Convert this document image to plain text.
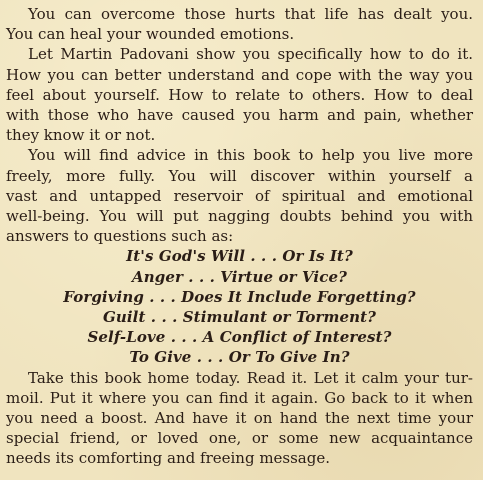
You can overcome those hurts that life has dealt you.
You can heal your wounded emotions.
Let Martin Padovani show you specifically how to do it.
How you can better understand and cope with the way you
feel about yourself. How to relate to others. How to deal
with those who have caused you harm and pain, whether
they know it or not.
You will find advice in this book to help you live more
freely, more fully. You will discover within yourself a
vast and untapped reservoir of spiritual and emotional
well-being. You will put nagging doubts behind you with
answers to questions such as:
It's God's Will . . . Or Is It?
Anger . . . Virtue or Vice?
Forgiving . . . Does It Include Forgetting?
Guilt . . . Stimulant or Torment?
Self-Love . . . A Conflict of Interest?
To Give . . . Or To Give In?
Take this book home today. Read it. Let it calm your tur-
moil. Put it where you can find it again. Go back to it when
you need a boost. And have it on hand the next time your
special friend, or loved one, or some new acquaintance
needs its comforting and freeing message.
